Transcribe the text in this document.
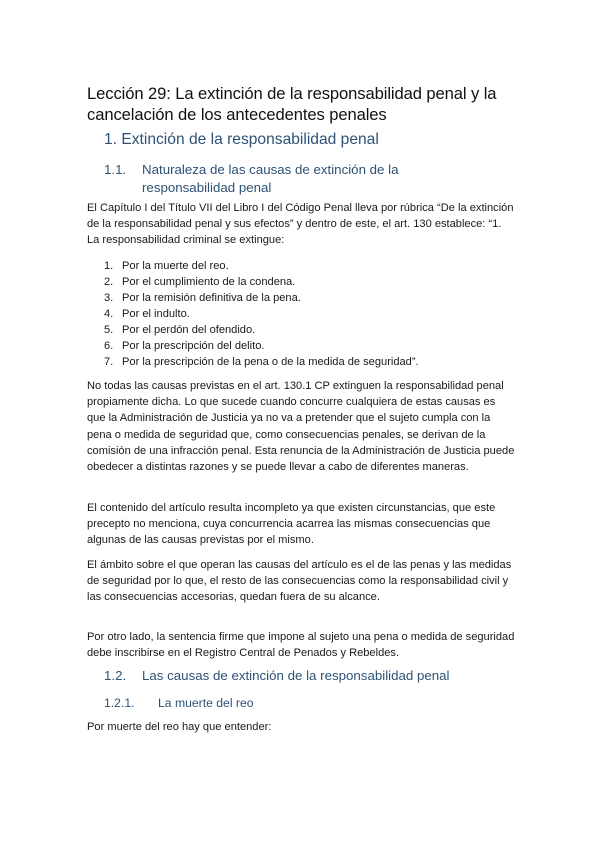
Lección 29: La extinción de la responsabilidad penal y la cancelación de los antecedentes penales
1. Extinción de la responsabilidad penal
1.1. Naturaleza de las causas de extinción de la responsabilidad penal

El Capítulo I del Título VII del Libro I del Código Penal lleva por rúbrica “De la extinción de la responsabilidad penal y sus efectos” y dentro de este, el art. 130 establece: “1. La responsabilidad criminal se extingue:

1. Por la muerte del reo.
2. Por el cumplimiento de la condena.
3. Por la remisión definitiva de la pena.
4. Por el indulto.
5. Por el perdón del ofendido.
6. Por la prescripción del delito.
7. Por la prescripción de la pena o de la medida de seguridad”.

No todas las causas previstas en el art. 130.1 CP extinguen la responsabilidad penal propiamente dicha. Lo que sucede cuando concurre cualquiera de estas causas es que la Administración de Justicia ya no va a pretender que el sujeto cumpla con la pena o medida de seguridad que, como consecuencias penales, se derivan de la comisión de una infracción penal. Esta renuncia de la Administración de Justicia puede obedecer a distintas razones y se puede llevar a cabo de diferentes maneras.

El contenido del artículo resulta incompleto ya que existen circunstancias, que este precepto no menciona, cuya concurrencia acarrea las mismas consecuencias que algunas de las causas previstas por el mismo.

El ámbito sobre el que operan las causas del artículo es el de las penas y las medidas de seguridad por lo que, el resto de las consecuencias como la responsabilidad civil y las consecuencias accesorias, quedan fuera de su alcance.

Por otro lado, la sentencia firme que impone al sujeto una pena o medida de seguridad debe inscribirse en el Registro Central de Penados y Rebeldes.

1.2. Las causas de extinción de la responsabilidad penal
1.2.1. La muerte del reo

Por muerte del reo hay que entender:
